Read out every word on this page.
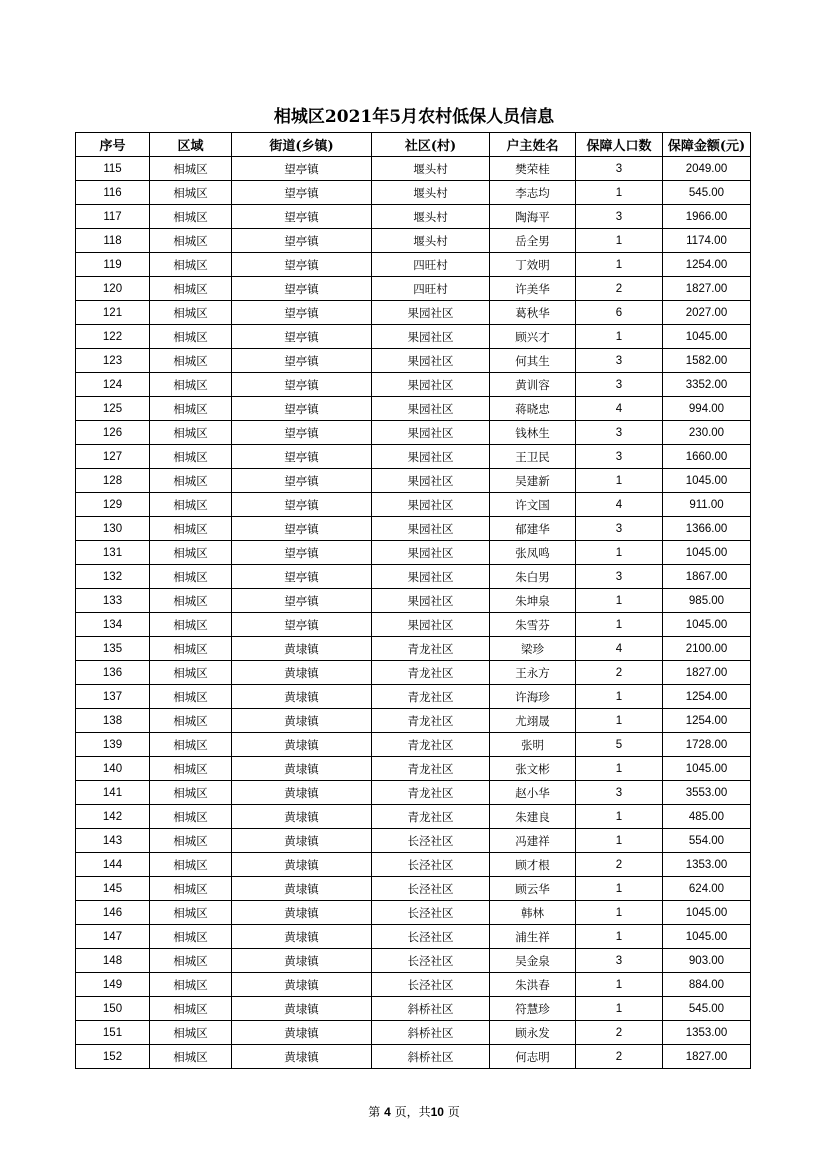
相城区2021年5月农村低保人员信息
序号	区域	街道(乡镇)	社区(村)	户主姓名	保障人口数	保障金额(元)
115	相城区	望亭镇	堰头村	樊荣桂	3	2049.00
116	相城区	望亭镇	堰头村	李志均	1	545.00
117	相城区	望亭镇	堰头村	陶海平	3	1966.00
118	相城区	望亭镇	堰头村	岳全男	1	1174.00
119	相城区	望亭镇	四旺村	丁效明	1	1254.00
120	相城区	望亭镇	四旺村	许美华	2	1827.00
121	相城区	望亭镇	果园社区	葛秋华	6	2027.00
122	相城区	望亭镇	果园社区	顾兴才	1	1045.00
123	相城区	望亭镇	果园社区	何其生	3	1582.00
124	相城区	望亭镇	果园社区	黄训容	3	3352.00
125	相城区	望亭镇	果园社区	蒋晓忠	4	994.00
126	相城区	望亭镇	果园社区	钱林生	3	230.00
127	相城区	望亭镇	果园社区	王卫民	3	1660.00
128	相城区	望亭镇	果园社区	吴建新	1	1045.00
129	相城区	望亭镇	果园社区	许文国	4	911.00
130	相城区	望亭镇	果园社区	郁建华	3	1366.00
131	相城区	望亭镇	果园社区	张凤鸣	1	1045.00
132	相城区	望亭镇	果园社区	朱白男	3	1867.00
133	相城区	望亭镇	果园社区	朱坤泉	1	985.00
134	相城区	望亭镇	果园社区	朱雪芬	1	1045.00
135	相城区	黄埭镇	青龙社区	梁珍	4	2100.00
136	相城区	黄埭镇	青龙社区	王永方	2	1827.00
137	相城区	黄埭镇	青龙社区	许海珍	1	1254.00
138	相城区	黄埭镇	青龙社区	尤翊晟	1	1254.00
139	相城区	黄埭镇	青龙社区	张明	5	1728.00
140	相城区	黄埭镇	青龙社区	张文彬	1	1045.00
141	相城区	黄埭镇	青龙社区	赵小华	3	3553.00
142	相城区	黄埭镇	青龙社区	朱建良	1	485.00
143	相城区	黄埭镇	长泾社区	冯建祥	1	554.00
144	相城区	黄埭镇	长泾社区	顾才根	2	1353.00
145	相城区	黄埭镇	长泾社区	顾云华	1	624.00
146	相城区	黄埭镇	长泾社区	韩林	1	1045.00
147	相城区	黄埭镇	长泾社区	浦生祥	1	1045.00
148	相城区	黄埭镇	长泾社区	吴金泉	3	903.00
149	相城区	黄埭镇	长泾社区	朱洪春	1	884.00
150	相城区	黄埭镇	斜桥社区	符慧珍	1	545.00
151	相城区	黄埭镇	斜桥社区	顾永发	2	1353.00
152	相城区	黄埭镇	斜桥社区	何志明	2	1827.00
第 4 页，共10 页
